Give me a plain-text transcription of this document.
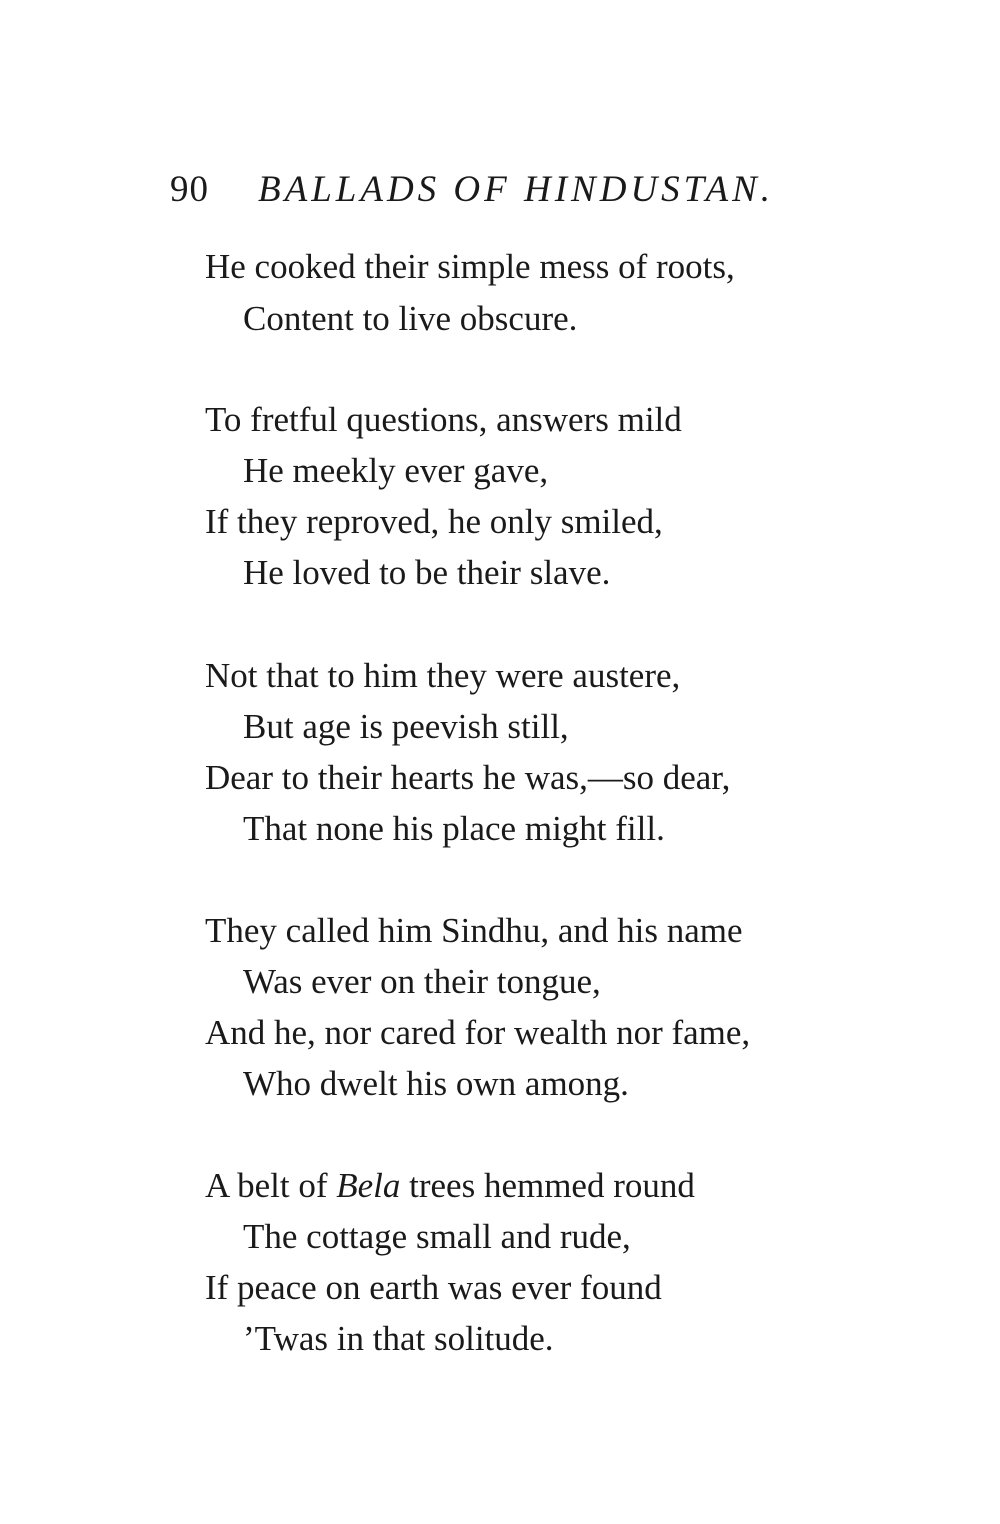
90 BALLADS OF HINDUSTAN.
He cooked their simple mess of roots,
Content to live obscure.
To fretful questions, answers mild
He meekly ever gave,
If they reproved, he only smiled,
He loved to be their slave.
Not that to him they were austere,
But age is peevish still,
Dear to their hearts he was,—so dear,
That none his place might fill.
They called him Sindhu, and his name
Was ever on their tongue,
And he, nor cared for wealth nor fame,
Who dwelt his own among.
A belt of Bela trees hemmed round
The cottage small and rude,
If peace on earth was ever found
’Twas in that solitude.
